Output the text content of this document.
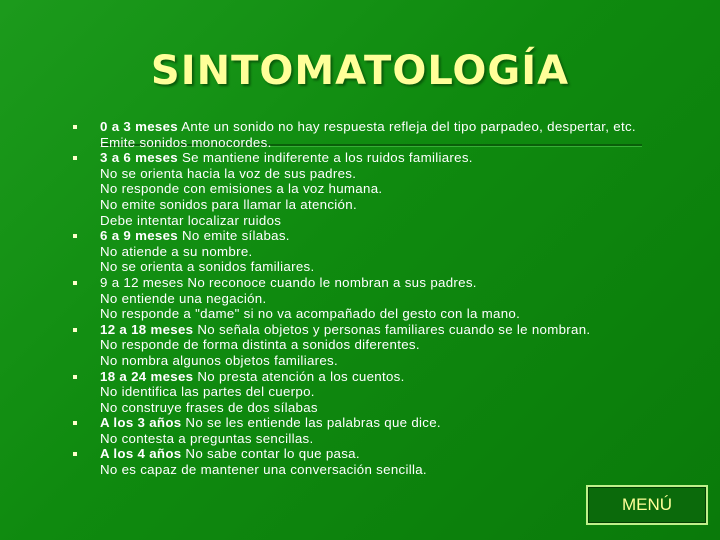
SINTOMATOLOGÍA
0 a 3 meses Ante un sonido no hay respuesta refleja del tipo parpadeo, despertar, etc.
Emite sonidos monocordes.
3 a 6 meses Se mantiene indiferente a los ruidos familiares.
No se orienta hacia la voz de sus padres.
No responde con emisiones a la voz humana.
No emite sonidos para llamar la atención.
Debe intentar localizar ruidos
6 a 9 meses No emite sílabas.
No atiende a su nombre.
No se orienta a sonidos familiares.
9 a 12 meses No reconoce cuando le nombran a sus padres.
No entiende una negación.
No responde a "dame" si no va acompañado del gesto con la mano.
12 a 18 meses No señala objetos y personas familiares cuando se le nombran.
No responde de forma distinta a sonidos diferentes.
No nombra algunos objetos familiares.
18 a 24 meses No presta atención a los cuentos.
No identifica las partes del cuerpo.
No construye frases de dos sílabas
A los 3 años No se les entiende las palabras que dice.
No contesta a preguntas sencillas.
A los 4 años No sabe contar lo que pasa.
No es capaz de mantener una conversación sencilla.
MENÚ
